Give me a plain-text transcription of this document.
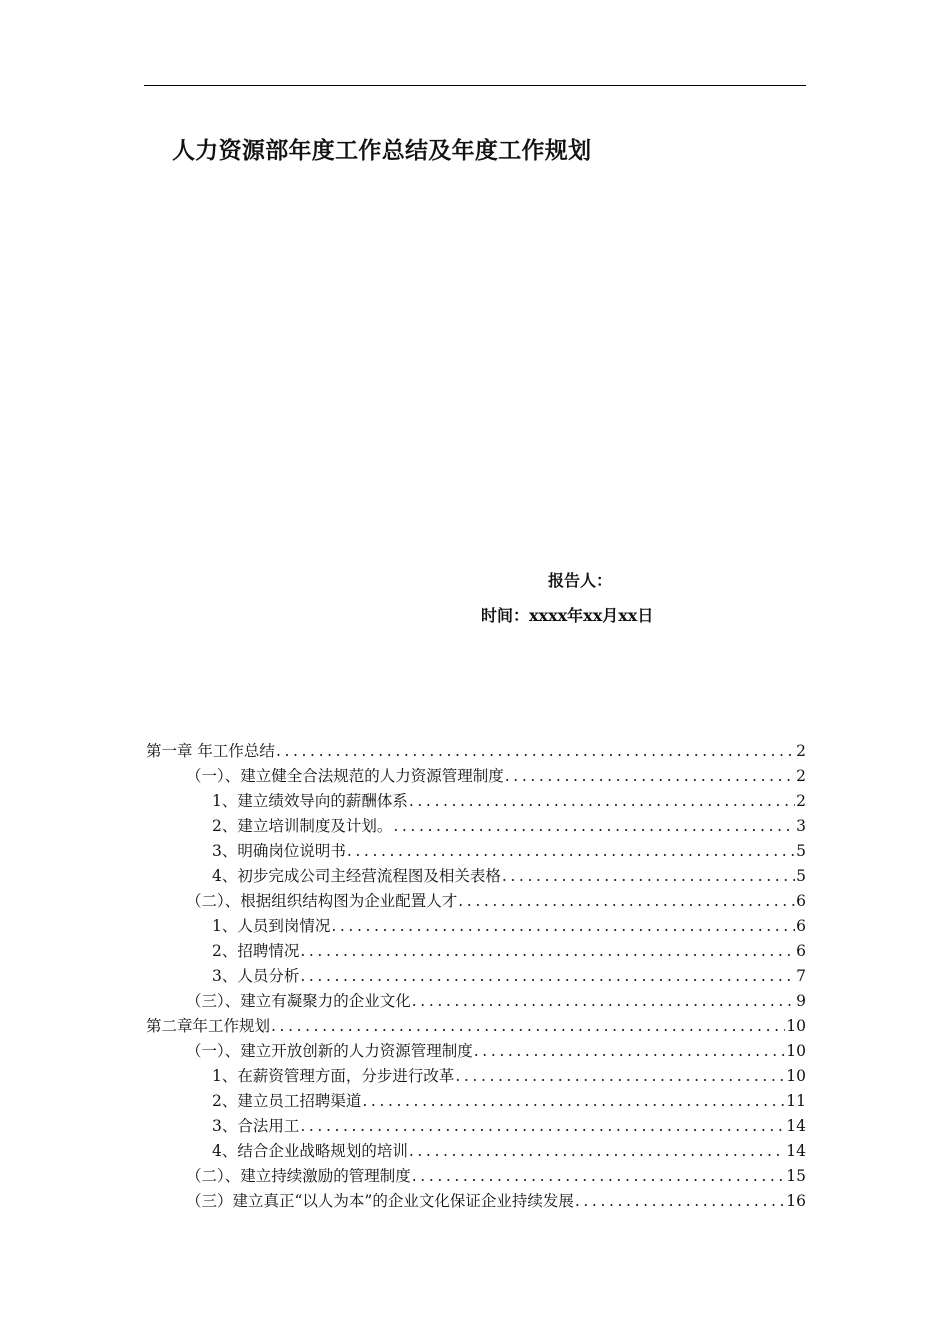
人力资源部年度工作总结及年度工作规划
报告人：
时间：xxxx年xx月xx日
第一章 年工作总结 .....	2
（一）、建立健全合法规范的人力资源管理制度 .....	2
1、建立绩效导向的薪酬体系 .....	2
2、建立培训制度及计划。 .....	3
3、明确岗位说明书 .....	5
4、初步完成公司主经营流程图及相关表格 .....	5
（二）、根据组织结构图为企业配置人才 .....	6
1、人员到岗情况 .....	6
2、招聘情况 .....	6
3、人员分析 .....	7
（三）、建立有凝聚力的企业文化 .....	9
第二章年工作规划 .....	10
（一）、建立开放创新的人力资源管理制度 .....	10
1、在薪资管理方面，分步进行改革 .....	10
2、建立员工招聘渠道 .....	11
3、合法用工 .....	14
4、结合企业战略规划的培训 .....	14
（二）、建立持续激励的管理制度 .....	15
（三）建立真正“以人为本”的企业文化保证企业持续发展 .....	16
